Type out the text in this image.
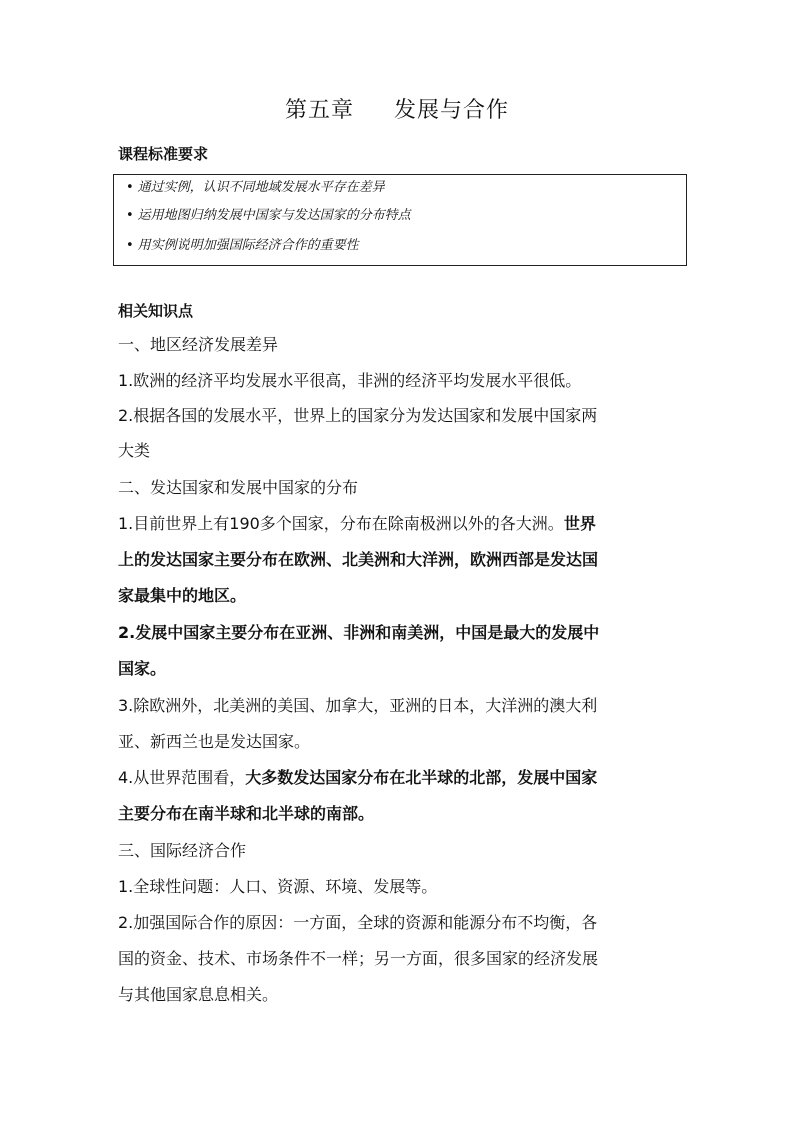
第五章 发展与合作
课程标准要求
• 通过实例，认识不同地域发展水平存在差异
• 运用地图归纳发展中国家与发达国家的分布特点
• 用实例说明加强国际经济合作的重要性
相关知识点
一、地区经济发展差异
1.欧洲的经济平均发展水平很高，非洲的经济平均发展水平很低。
2.根据各国的发展水平，世界上的国家分为发达国家和发展中国家两
大类
二、发达国家和发展中国家的分布
1.目前世界上有190多个国家，分布在除南极洲以外的各大洲。世界
上的发达国家主要分布在欧洲、北美洲和大洋洲，欧洲西部是发达国
家最集中的地区。
2.发展中国家主要分布在亚洲、非洲和南美洲，中国是最大的发展中
国家。
3.除欧洲外，北美洲的美国、加拿大，亚洲的日本，大洋洲的澳大利
亚、新西兰也是发达国家。
4.从世界范围看，大多数发达国家分布在北半球的北部，发展中国家
主要分布在南半球和北半球的南部。
三、国际经济合作
1.全球性问题：人口、资源、环境、发展等。
2.加强国际合作的原因：一方面，全球的资源和能源分布不均衡，各
国的资金、技术、市场条件不一样；另一方面，很多国家的经济发展
与其他国家息息相关。
